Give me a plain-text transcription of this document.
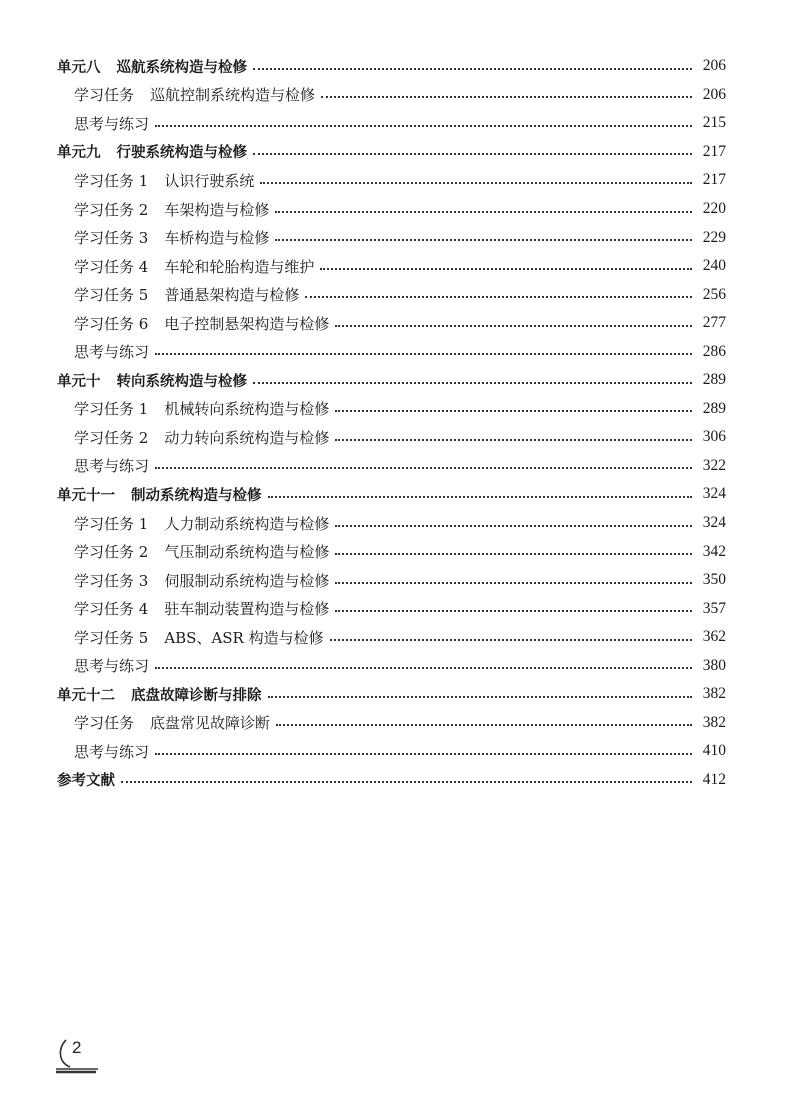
单元八 巡航系统构造与检修	206
学习任务 巡航控制系统构造与检修	206
思考与练习	215
单元九 行驶系统构造与检修	217
学习任务 1 认识行驶系统	217
学习任务 2 车架构造与检修	220
学习任务 3 车桥构造与检修	229
学习任务 4 车轮和轮胎构造与维护	240
学习任务 5 普通悬架构造与检修	256
学习任务 6 电子控制悬架构造与检修	277
思考与练习	286
单元十 转向系统构造与检修	289
学习任务 1 机械转向系统构造与检修	289
学习任务 2 动力转向系统构造与检修	306
思考与练习	322
单元十一 制动系统构造与检修	324
学习任务 1 人力制动系统构造与检修	324
学习任务 2 气压制动系统构造与检修	342
学习任务 3 伺服制动系统构造与检修	350
学习任务 4 驻车制动装置构造与检修	357
学习任务 5 ABS、ASR 构造与检修	362
思考与练习	380
单元十二 底盘故障诊断与排除	382
学习任务 底盘常见故障诊断	382
思考与练习	410
参考文献	412
2
